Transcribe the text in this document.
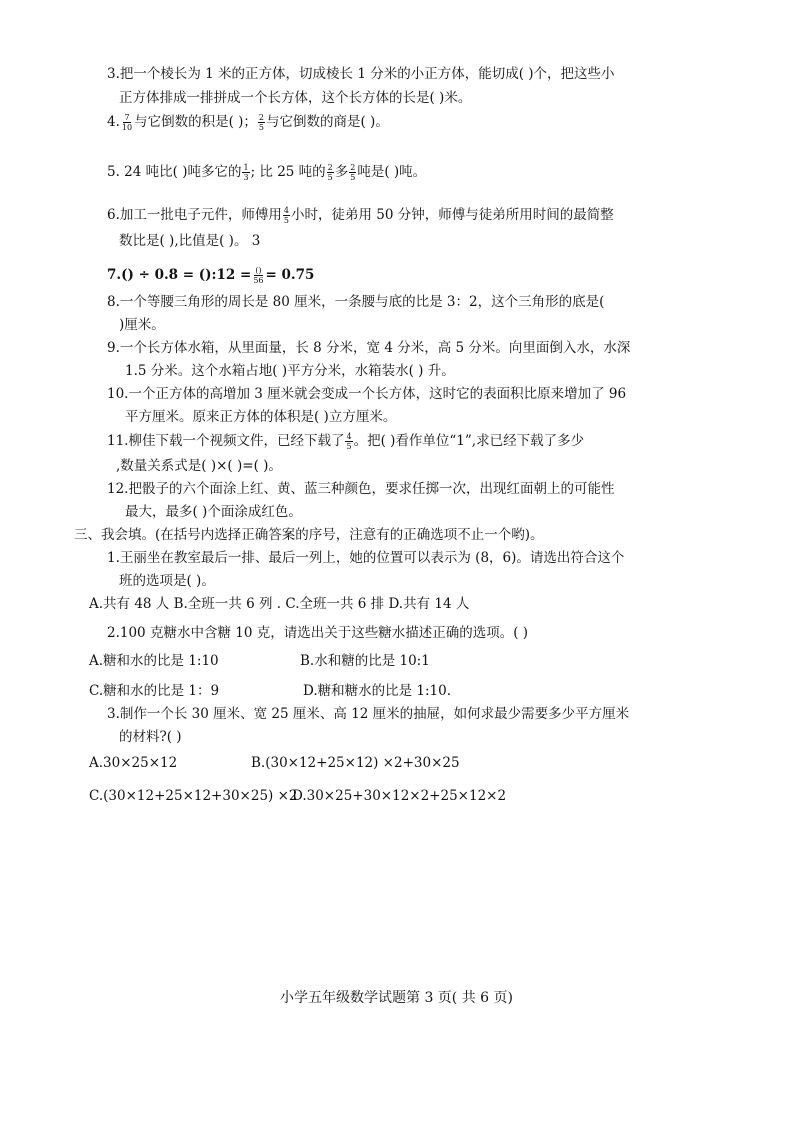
3.把一个棱长为 1 米的正方体，切成棱长 1 分米的小正方体，能切成( )个，把这些小
正方体排成一排拼成一个长方体，这个长方体的长是( )米。
4. $\frac{7}{10}$ 与它倒数的积是( )； $\frac{2}{5}$ 与它倒数的商是( )。
5. 24 吨比( )吨多它的 $\frac{1}{3}$ ; 比 25 吨的 $\frac{2}{5}$ 多 $\frac{2}{5}$ 吨是( )吨。
6.加工一批电子元件，师傅用 $\frac{4}{5}$ 小时，徒弟用 50 分钟，师傅与徒弟所用时间的最简整
数比是( ),比值是( )。 3
7.() ÷ 0.8 = ():12 = $\frac{()}{56} = 0.75$
8.一个等腰三角形的周长是 80 厘米，一条腰与底的比是 3：2，这个三角形的底是(
)厘米。
9.一个长方体水箱，从里面量，长 8 分米，宽 4 分米，高 5 分米。向里面倒入水，水深
1.5 分米。这个水箱占地( )平方分米，水箱装水( ) 升。
10.一个正方体的高增加 3 厘米就会变成一个长方体，这时它的表面积比原来增加了 96
平方厘米。原来正方体的体积是( )立方厘米。
11.柳佳下载一个视频文件，已经下载了 $\frac{4}{5}$ 。把( )看作单位“1”,求已经下载了多少
,数量关系式是( )×( )=( )。
12.把骰子的六个面涂上红、黄、蓝三种颜色，要求任掷一次，出现红面朝上的可能性
最大，最多( )个面涂成红色。
三、我会填。(在括号内选择正确答案的序号，注意有的正确选项不止一个哟)。
1.王丽坐在教室最后一排、最后一列上，她的位置可以表示为 (8，6)。请选出符合这个
班的选项是( )。
A.共有 48 人 B.全班一共 6 列 . C.全班一共 6 排 D.共有 14 人
2.100 克糖水中含糖 10 克，请选出关于这些糖水描述正确的选项。( )
A.糖和水的比是 1:10	B.水和糖的比是 10:1
C.糖和水的比是 1：9	D.糖和糖水的比是 1:10.
3.制作一个长 30 厘米、宽 25 厘米、高 12 厘米的抽屉，如何求最少需要多少平方厘米
的材料?( )
A.30×25×12	B.(30×12+25×12) ×2+30×25
C.(30×12+25×12+30×25) ×2
D.30×25+30×12×2+25×12×2
小学五年级数学试题第 3 页( 共 6 页)
